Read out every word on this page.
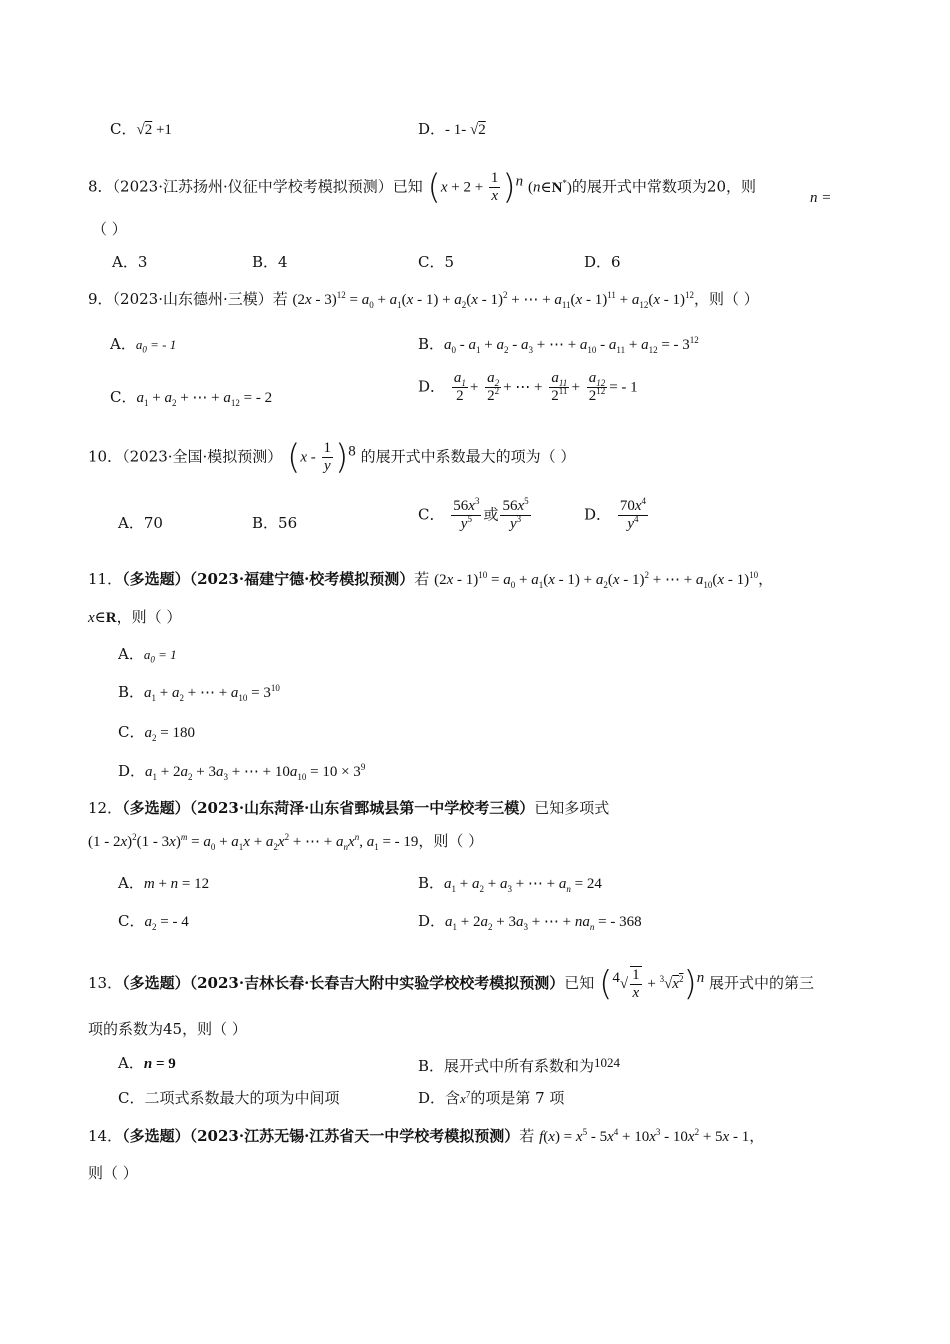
C．√2 +1	D．- 1- √2
8．（2023·江苏扬州·仪征中学校考模拟预测）已知 $(x + 2 + \frac{1}{x} )^n$ (n∈N*)的展开式中常数项为20，则
n =
（ ）
A．3	B．4	C．5	D．6
9．（2023·山东德州·三模）若 $(2x - 3)^{12} = a_0 + a_1(x - 1) + a_2(x - 1)^2$ + ⋯ + $a_{11}(x - 1)^{11} + a_{12}(x - 1)^{12}$，则（ ）
A．$a_0$ = - 1	B．$a_0 - a_1 + a_2 - a_3$ + ⋯ + $a_{10} - a_{11} + a_{12}$ = - $3^{12}$
C．$a_1 + a_2$ + ⋯ + $a_{12}$ = - 2
D． $\frac{a_1}{2} + \frac{a_2}{2^2}$ + ⋯ + $\frac{a_{11}}{2^{11}} + \frac{a_{12}}{2^{12}}$ = - 1
10．（2023·全国·模拟预测） $(x - \frac{1}{y} )^8$ 的展开式中系数最大的项为（ ）
A．70	B．56	C． $\frac{56x^3}{y^5}$ 或 $\frac{56x^5}{y^3}$	D． $\frac{70x^4}{y^4}$
11．（多选题）（2023·福建宁德·校考模拟预测）若 $(2x - 1)^{10} = a_0 + a_1(x - 1) + a_2(x - 1)^2$ + ⋯ + $a_{10}(x - 1)^{10}$，
x∈R，则（ ）
A．$a_0 = 1$
B．$a_1 + a_2$ + ⋯ + $a_{10} = 3^{10}$
C．$a_2 = 180$
D．$a_1 + 2a_2 + 3a_3$ + ⋯ + $10a_{10} = 10 \times 3^9$
12．（多选题）（2023·山东菏泽·山东省鄄城县第一中学校考三模）已知多项式
$(1 - 2x)^2(1 - 3x)^m = a_0 + a_1x + a_2x^2$ + ⋯ + $a_nx^n$, $a_1$ = - 19，则（ ）
A．m + n = 12	B．$a_1 + a_2 + a_3$ + ⋯ + $a_n = 24$
C．$a_2$ = - 4	D．$a_1 + 2a_2 + 3a_3$ + ⋯ + $na_n$ = - 368
13．（多选题）（2023·吉林长春·长春吉大附中实验学校校考模拟预测）已知 $(^4√ \frac{1}{x} + ^3√x^2)^n$ 展开式中的第三
项的系数为45，则（ ）
A．n = 9	B．展开式中所有系数和为1024
C．二项式系数最大的项为中间项	D．含$x^7$的项是第 7 项
14．（多选题）（2023·江苏无锡·江苏省天一中学校考模拟预测）若 $f(x) = x^5 - 5x^4 + 10x^3 - 10x^2 + 5x - 1$，
则（ ）
